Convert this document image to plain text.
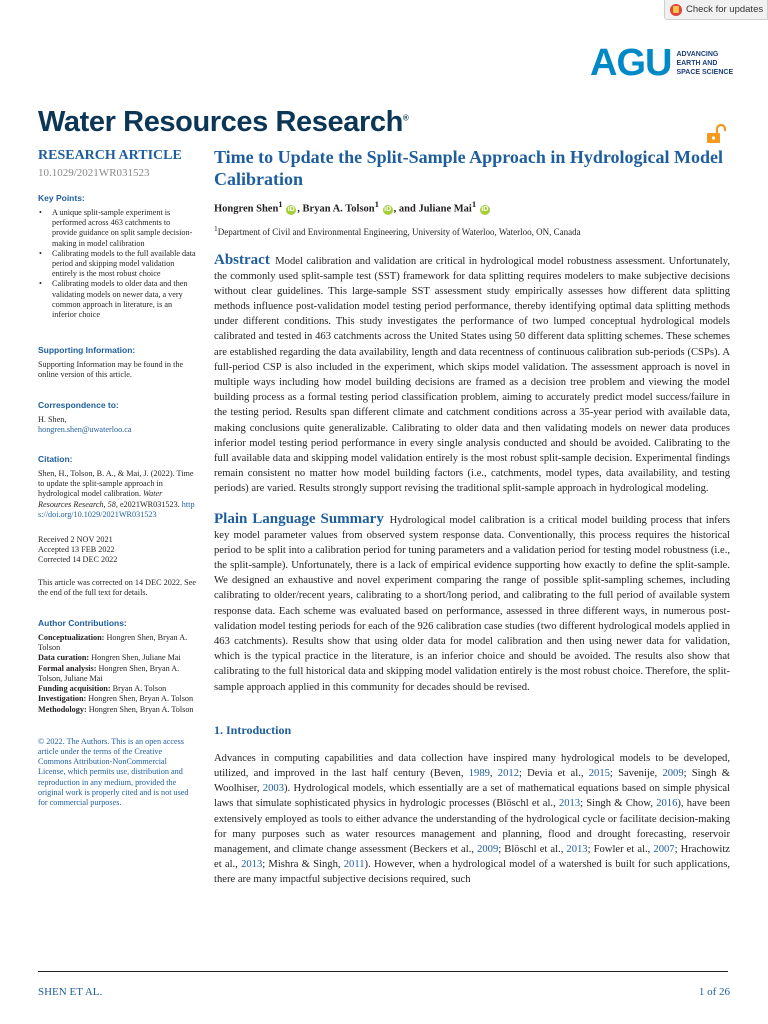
Check for updates
AGU ADVANCING
EARTH AND
SPACE SCIENCE
Water Resources Research®
RESEARCH ARTICLE
10.1029/2021WR031523
Key Points:
• A unique split-sample experiment is performed across 463 catchments to provide guidance on split sample decision-making in model calibration
• Calibrating models to the full available data period and skipping model validation entirely is the most robust choice
• Calibrating models to older data and then validating models on newer data, a very common approach in literature, is an inferior choice
Supporting Information:
Supporting Information may be found in the online version of this article.
Correspondence to:
H. Shen,
hongren.shen@uwaterloo.ca
Citation:
Shen, H., Tolson, B. A., & Mai, J. (2022). Time to update the split-sample approach in hydrological model calibration. Water Resources Research, 58, e2021WR031523. https://doi.org/10.1029/2021WR031523
Received 2 NOV 2021
Accepted 13 FEB 2022
Corrected 14 DEC 2022
This article was corrected on 14 DEC 2022. See the end of the full text for details.
Author Contributions:
Conceptualization: Hongren Shen, Bryan A. Tolson
Data curation: Hongren Shen, Juliane Mai
Formal analysis: Hongren Shen, Bryan A. Tolson, Juliane Mai
Funding acquisition: Bryan A. Tolson
Investigation: Hongren Shen, Bryan A. Tolson
Methodology: Hongren Shen, Bryan A. Tolson
© 2022. The Authors. This is an open access article under the terms of the Creative Commons Attribution-NonCommercial License, which permits use, distribution and reproduction in any medium, provided the original work is properly cited and is not used for commercial purposes.
Time to Update the Split-Sample Approach in Hydrological Model Calibration
Hongren Shen$^1$ iD , Bryan A. Tolson$^1$ iD , and Juliane Mai$^1$ iD
$^1$Department of Civil and Environmental Engineering, University of Waterloo, Waterloo, ON, Canada
Abstract Model calibration and validation are critical in hydrological model robustness assessment. Unfortunately, the commonly used split-sample test (SST) framework for data splitting requires modelers to make subjective decisions without clear guidelines. This large-sample SST assessment study empirically assesses how different data splitting methods influence post-validation model testing period performance, thereby identifying optimal data splitting methods under different conditions. This study investigates the performance of two lumped conceptual hydrological models calibrated and tested in 463 catchments across the United States using 50 different data splitting schemes. These schemes are established regarding the data availability, length and data recentness of continuous calibration sub-periods (CSPs). A full-period CSP is also included in the experiment, which skips model validation. The assessment approach is novel in multiple ways including how model building decisions are framed as a decision tree problem and viewing the model building process as a formal testing period classification problem, aiming to accurately predict model success/failure in the testing period. Results span different climate and catchment conditions across a 35-year period with available data, making conclusions quite generalizable. Calibrating to older data and then validating models on newer data produces inferior model testing period performance in every single analysis conducted and should be avoided. Calibrating to the full available data and skipping model validation entirely is the most robust split-sample decision. Experimental findings remain consistent no matter how model building factors (i.e., catchments, model types, data availability, and testing periods) are varied. Results strongly support revising the traditional split-sample approach in hydrological modeling.
Plain Language Summary Hydrological model calibration is a critical model building process that infers key model parameter values from observed system response data. Conventionally, this process requires the historical period to be split into a calibration period for tuning parameters and a validation period for testing model robustness (i.e., the split-sample). Unfortunately, there is a lack of empirical evidence supporting how exactly to define the split-sample. We designed an exhaustive and novel experiment comparing the range of possible split-sampling schemes, including calibrating to older/recent years, calibrating to a short/long period, and calibrating to the full period of available system response data. Each scheme was evaluated based on performance, assessed in three different ways, in numerous post-validation model testing periods for each of the 926 calibration case studies (two different hydrological models applied in 463 catchments). Results show that using older data for model calibration and then using newer data for validation, which is the typical practice in the literature, is an inferior choice and should be avoided. The results also show that calibrating to the full historical data and skipping model validation entirely is the most robust choice. Therefore, the split-sample approach applied in this community for decades should be revised.
1. Introduction
Advances in computing capabilities and data collection have inspired many hydrological models to be developed, utilized, and improved in the last half century (Beven, 1989, 2012; Devia et al., 2015; Savenije, 2009; Singh & Woolhiser, 2003). Hydrological models, which essentially are a set of mathematical equations based on simple physical laws that simulate sophisticated physics in hydrologic processes (Blöschl et al., 2013; Singh & Chow, 2016), have been extensively employed as tools to either advance the understanding of the hydrological cycle or facilitate decision-making for many purposes such as water resources management and planning, flood and drought forecasting, reservoir management, and climate change assessment (Beckers et al., 2009; Blöschl et al., 2013; Fowler et al., 2007; Hrachowitz et al., 2013; Mishra & Singh, 2011). However, when a hydrological model of a watershed is built for such applications, there are many impactful subjective decisions required, such
SHEN ET AL.	1 of 26
